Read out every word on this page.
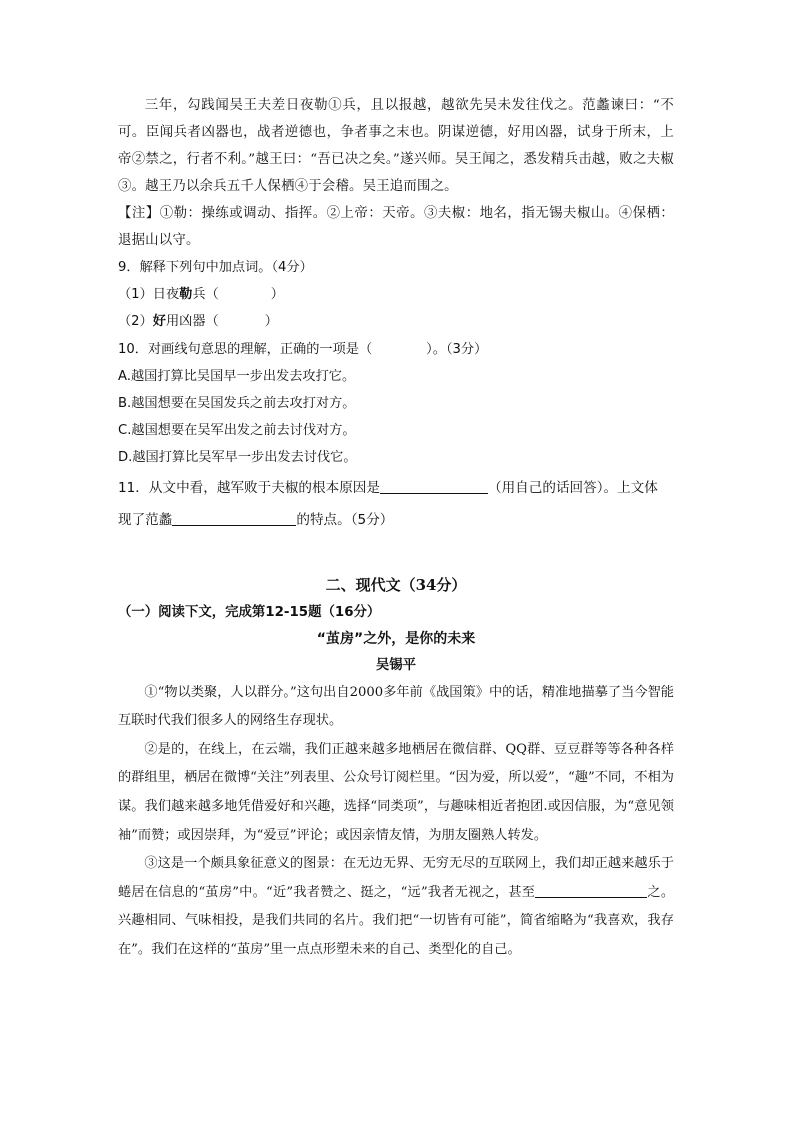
三年，勾践闻吴王夫差日夜勒①兵，且以报越，越欲先吴未发往伐之。范蠡谏曰：“不可。臣闻兵者凶器也，战者逆德也，争者事之末也。阴谋逆德，好用凶器，试身于所末，上帝②禁之，行者不利。”越王曰：“吾已决之矣。”遂兴师。吴王闻之，悉发精兵击越，败之夫椒③。越王乃以余兵五千人保栖④于会稽。吴王追而围之。

【注】①勒：操练或调动、指挥。②上帝：天帝。③夫椒：地名，指无锡夫椒山。④保栖：退据山以守。

9．解释下列句中加点词。（4分）

（1）日夜勒兵（	）

（2）好用凶器（	）

10．对画线句意思的理解，正确的一项是（	）。（3分）

A.越国打算比吴国早一步出发去攻打它。

B.越国想要在吴国发兵之前去攻打对方。

C.越国想要在吴军出发之前去讨伐对方。

D.越国打算比吴军早一步出发去讨伐它。

11．从文中看，越军败于夫椒的根本原因是	（用自己的话回答）。上文体

现了范蠡	的特点。（5分）

二、现代文（34分）

（一）阅读下文，完成第12-15题（16分）

“茧房”之外，是你的未来

吴锡平

①“物以类聚，人以群分。”这句出自2000多年前《战国策》中的话，精准地描摹了当今智能互联时代我们很多人的网络生存现状。

②是的，在线上，在云端，我们正越来越多地栖居在微信群、QQ群、豆豆群等等各种各样的群组里，栖居在微博“关注”列表里、公众号订阅栏里。“因为爱，所以爱”，“趣”不同，不相为谋。我们越来越多地凭借爱好和兴趣，选择“同类项”，与趣味相近者抱团.或因信服，为“意见领袖”而赞；或因崇拜，为“爱豆”评论；或因亲情友情，为朋友圈熟人转发。

③这是一个颇具象征意义的图景：在无边无界、无穷无尽的互联网上，我们却正越来越乐于蜷居在信息的“茧房”中。“近”我者赞之、挺之，“远”我者无视之，甚至	之。兴趣相同、气味相投，是我们共同的名片。我们把“一切皆有可能”，简省缩略为“我喜欢，我存在”。我们在这样的“茧房”里一点点形塑未来的自己、类型化的自己。
